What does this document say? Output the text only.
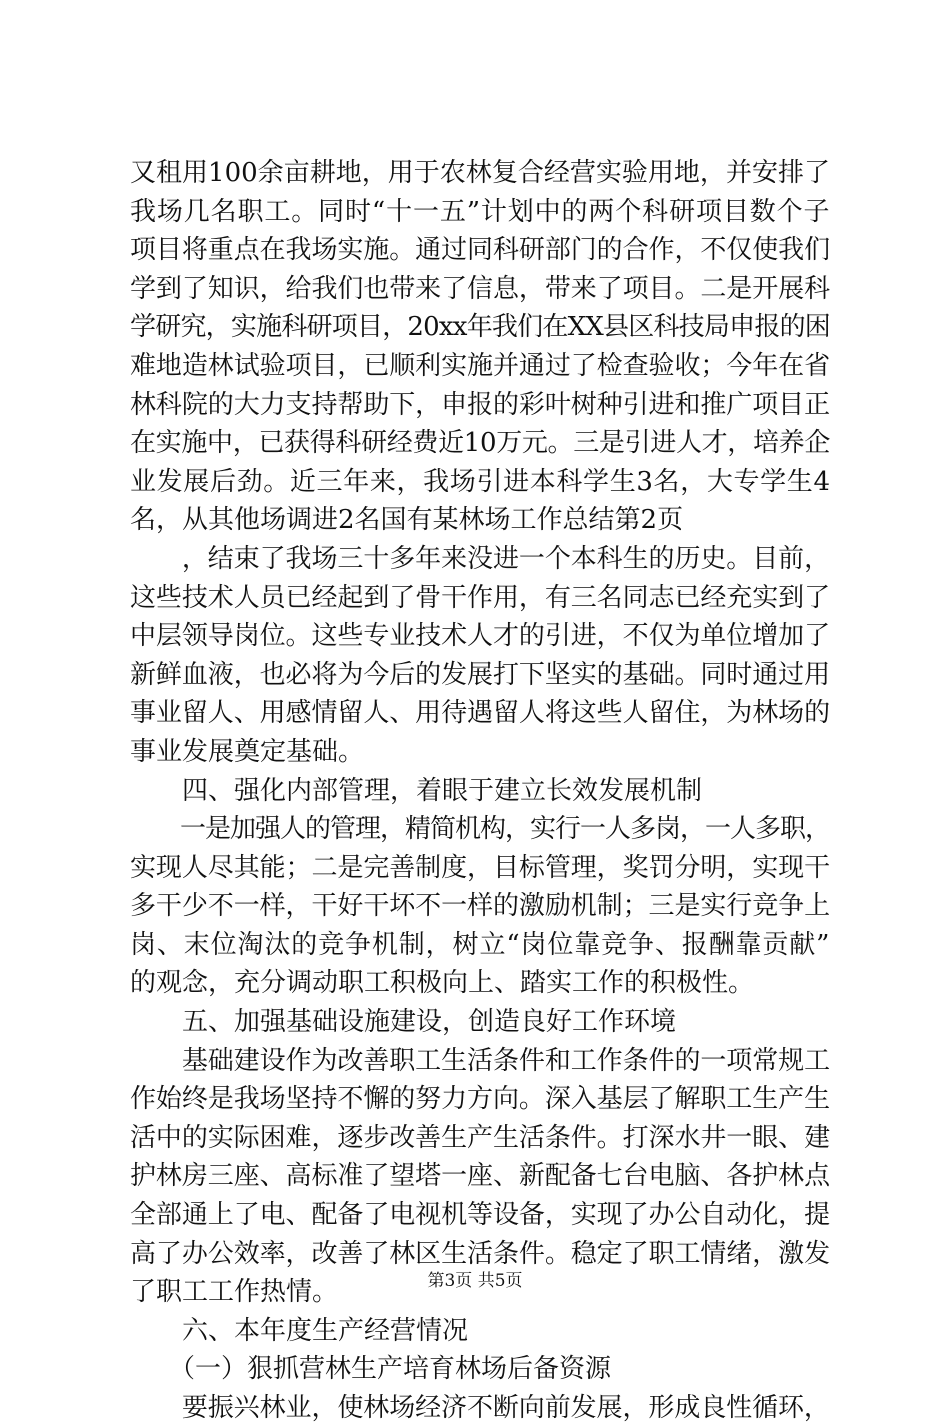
又租用100余亩耕地，用于农林复合经营实验用地，并安排了
我场几名职工。同时“十一五”计划中的两个科研项目数个子
项目将重点在我场实施。通过同科研部门的合作，不仅使我们
学到了知识，给我们也带来了信息，带来了项目。二是开展科
学研究，实施科研项目，20xx年我们在XX县区科技局申报的困
难地造林试验项目，已顺利实施并通过了检查验收；今年在省
林科院的大力支持帮助下，申报的彩叶树种引进和推广项目正
在实施中，已获得科研经费近10万元。三是引进人才，培养企
业发展后劲。近三年来，我场引进本科学生3名，大专学生4
名，从其他场调进2名国有某林场工作总结第2页
　　，结束了我场三十多年来没进一个本科生的历史。目前，
这些技术人员已经起到了骨干作用，有三名同志已经充实到了
中层领导岗位。这些专业技术人才的引进，不仅为单位增加了
新鲜血液，也必将为今后的发展打下坚实的基础。同时通过用
事业留人、用感情留人、用待遇留人将这些人留住，为林场的
事业发展奠定基础。
　　四、强化内部管理，着眼于建立长效发展机制
　　一是加强人的管理，精简机构，实行一人多岗，一人多职，
实现人尽其能；二是完善制度，目标管理，奖罚分明，实现干
多干少不一样，干好干坏不一样的激励机制；三是实行竞争上
岗、末位淘汰的竞争机制，树立“岗位靠竞争、报酬靠贡献”
的观念，充分调动职工积极向上、踏实工作的积极性。
　　五、加强基础设施建设，创造良好工作环境
　　基础建设作为改善职工生活条件和工作条件的一项常规工
作始终是我场坚持不懈的努力方向。深入基层了解职工生产生
活中的实际困难，逐步改善生产生活条件。打深水井一眼、建
护林房三座、高标准了望塔一座、新配备七台电脑、各护林点
全部通上了电、配备了电视机等设备，实现了办公自动化，提
高了办公效率，改善了林区生活条件。稳定了职工情绪，激发
了职工工作热情。
　　六、本年度生产经营情况
　　（一）狠抓营林生产培育林场后备资源
　　要振兴林业，使林场经济不断向前发展，形成良性循环，
第3页 共5页
